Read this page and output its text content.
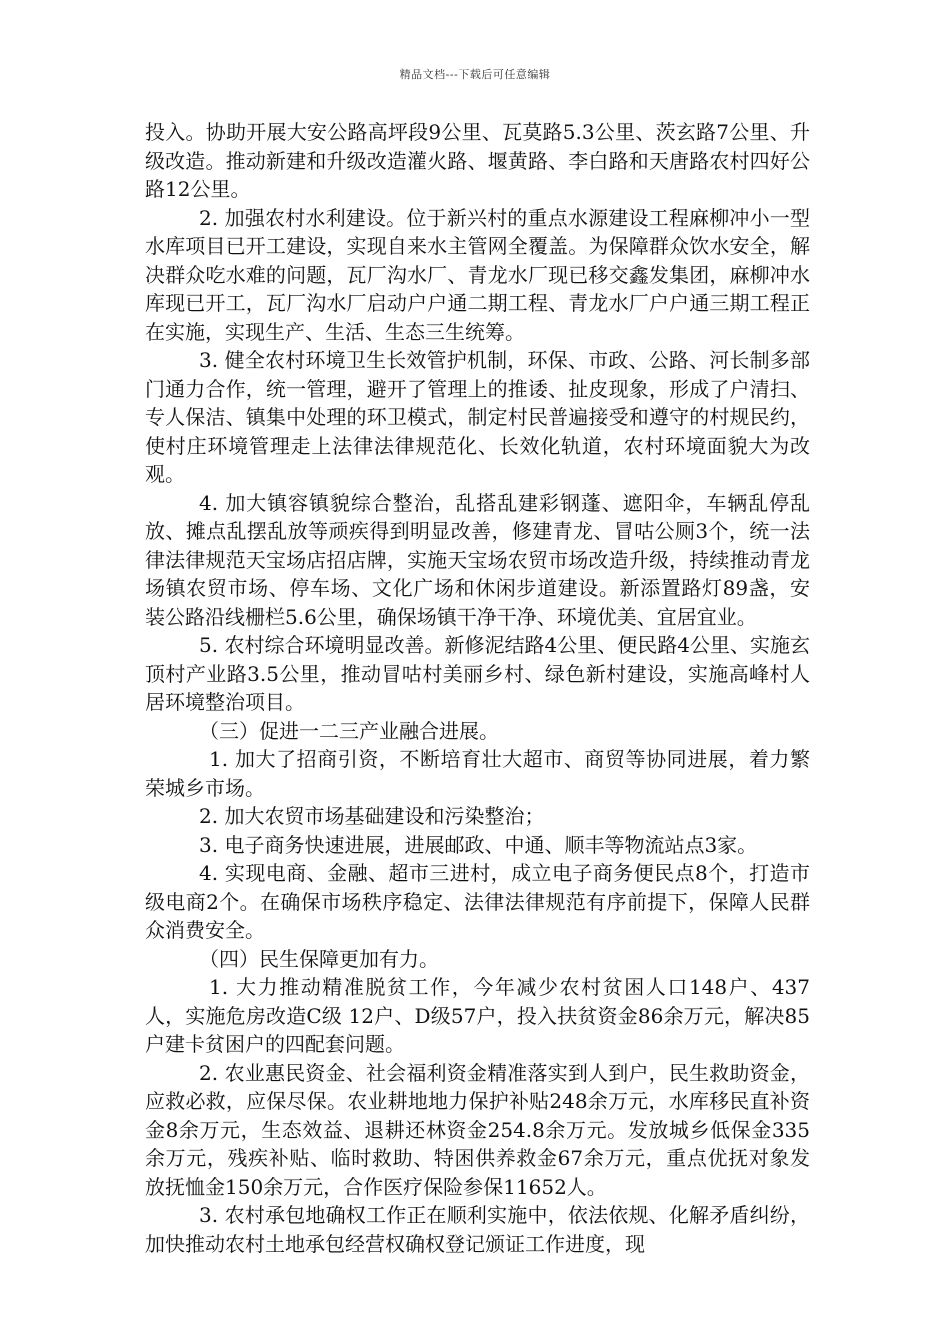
精品文档---下载后可任意编辑

投入。协助开展大安公路高坪段9公里、瓦莫路5.3公里、茨玄路7公里、升级改造。推动新建和升级改造灌火路、堰黄路、李白路和天唐路农村四好公路12公里。

2. 加强农村水利建设。位于新兴村的重点水源建设工程麻柳冲小一型水库项目已开工建设，实现自来水主管网全覆盖。为保障群众饮水安全，解决群众吃水难的问题，瓦厂沟水厂、青龙水厂现已移交鑫发集团，麻柳冲水库现已开工，瓦厂沟水厂启动户户通二期工程、青龙水厂户户通三期工程正在实施，实现生产、生活、生态三生统筹。

3. 健全农村环境卫生长效管护机制，环保、市政、公路、河长制多部门通力合作，统一管理，避开了管理上的推诿、扯皮现象，形成了户清扫、专人保洁、镇集中处理的环卫模式，制定村民普遍接受和遵守的村规民约，使村庄环境管理走上法律法律规范化、长效化轨道，农村环境面貌大为改观。

4. 加大镇容镇貌综合整治，乱搭乱建彩钢蓬、遮阳伞，车辆乱停乱放、摊点乱摆乱放等顽疾得到明显改善，修建青龙、冒咕公厕3个，统一法律法律规范天宝场店招店牌，实施天宝场农贸市场改造升级，持续推动青龙场镇农贸市场、停车场、文化广场和休闲步道建设。新添置路灯89盏，安装公路沿线栅栏5.6公里，确保场镇干净干净、环境优美、宜居宜业。

5. 农村综合环境明显改善。新修泥结路4公里、便民路4公里、实施玄顶村产业路3.5公里，推动冒咕村美丽乡村、绿色新村建设，实施高峰村人居环境整治项目。

（三）促进一二三产业融合进展。

1. 加大了招商引资，不断培育壮大超市、商贸等协同进展，着力繁荣城乡市场。

2. 加大农贸市场基础建设和污染整治；

3. 电子商务快速进展，进展邮政、中通、顺丰等物流站点3家。

4. 实现电商、金融、超市三进村，成立电子商务便民点8个，打造市级电商2个。在确保市场秩序稳定、法律法律规范有序前提下，保障人民群众消费安全。

（四）民生保障更加有力。

1. 大力推动精准脱贫工作，今年减少农村贫困人口148户、437人，实施危房改造C级 12户、D级57户，投入扶贫资金86余万元，解决85户建卡贫困户的四配套问题。

2. 农业惠民资金、社会福利资金精准落实到人到户，民生救助资金，应救必救，应保尽保。农业耕地地力保护补贴248余万元，水库移民直补资金8余万元，生态效益、退耕还林资金254.8余万元。发放城乡低保金335余万元，残疾补贴、临时救助、特困供养救金67余万元，重点优抚对象发放抚恤金150余万元，合作医疗保险参保11652人。

3. 农村承包地确权工作正在顺利实施中，依法依规、化解矛盾纠纷，加快推动农村土地承包经营权确权登记颁证工作进度，现
